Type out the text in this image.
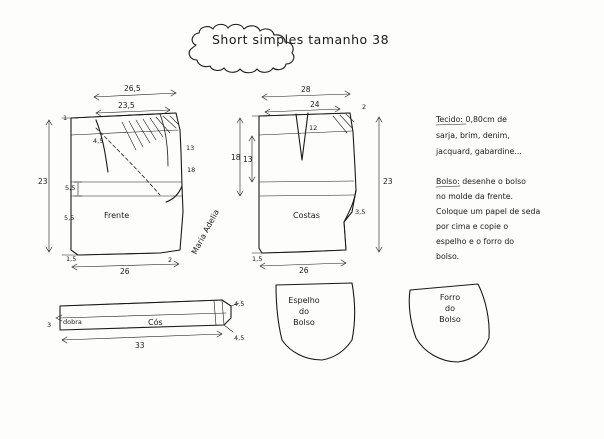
Short simples tamanho 38
Frente
26,5
23,5
23
26
1
4,5
13
18
5,5
5,5
1,5	2
Costas
28
24	2
12
23
18 13
3,5
26
1,5
dobra	Cós
3
4,5
33
4,5
Espelho
do
Bolso
Forro
do
Bolso
Tecido: 0,80cm de
sarja, brim, denim,
jacquard, gabardine...
Bolso: desenhe o bolso
no molde da frente.
Coloque um papel de seda
por cima e copie o
espelho e o forro do
bolso.
Maria Adelia
